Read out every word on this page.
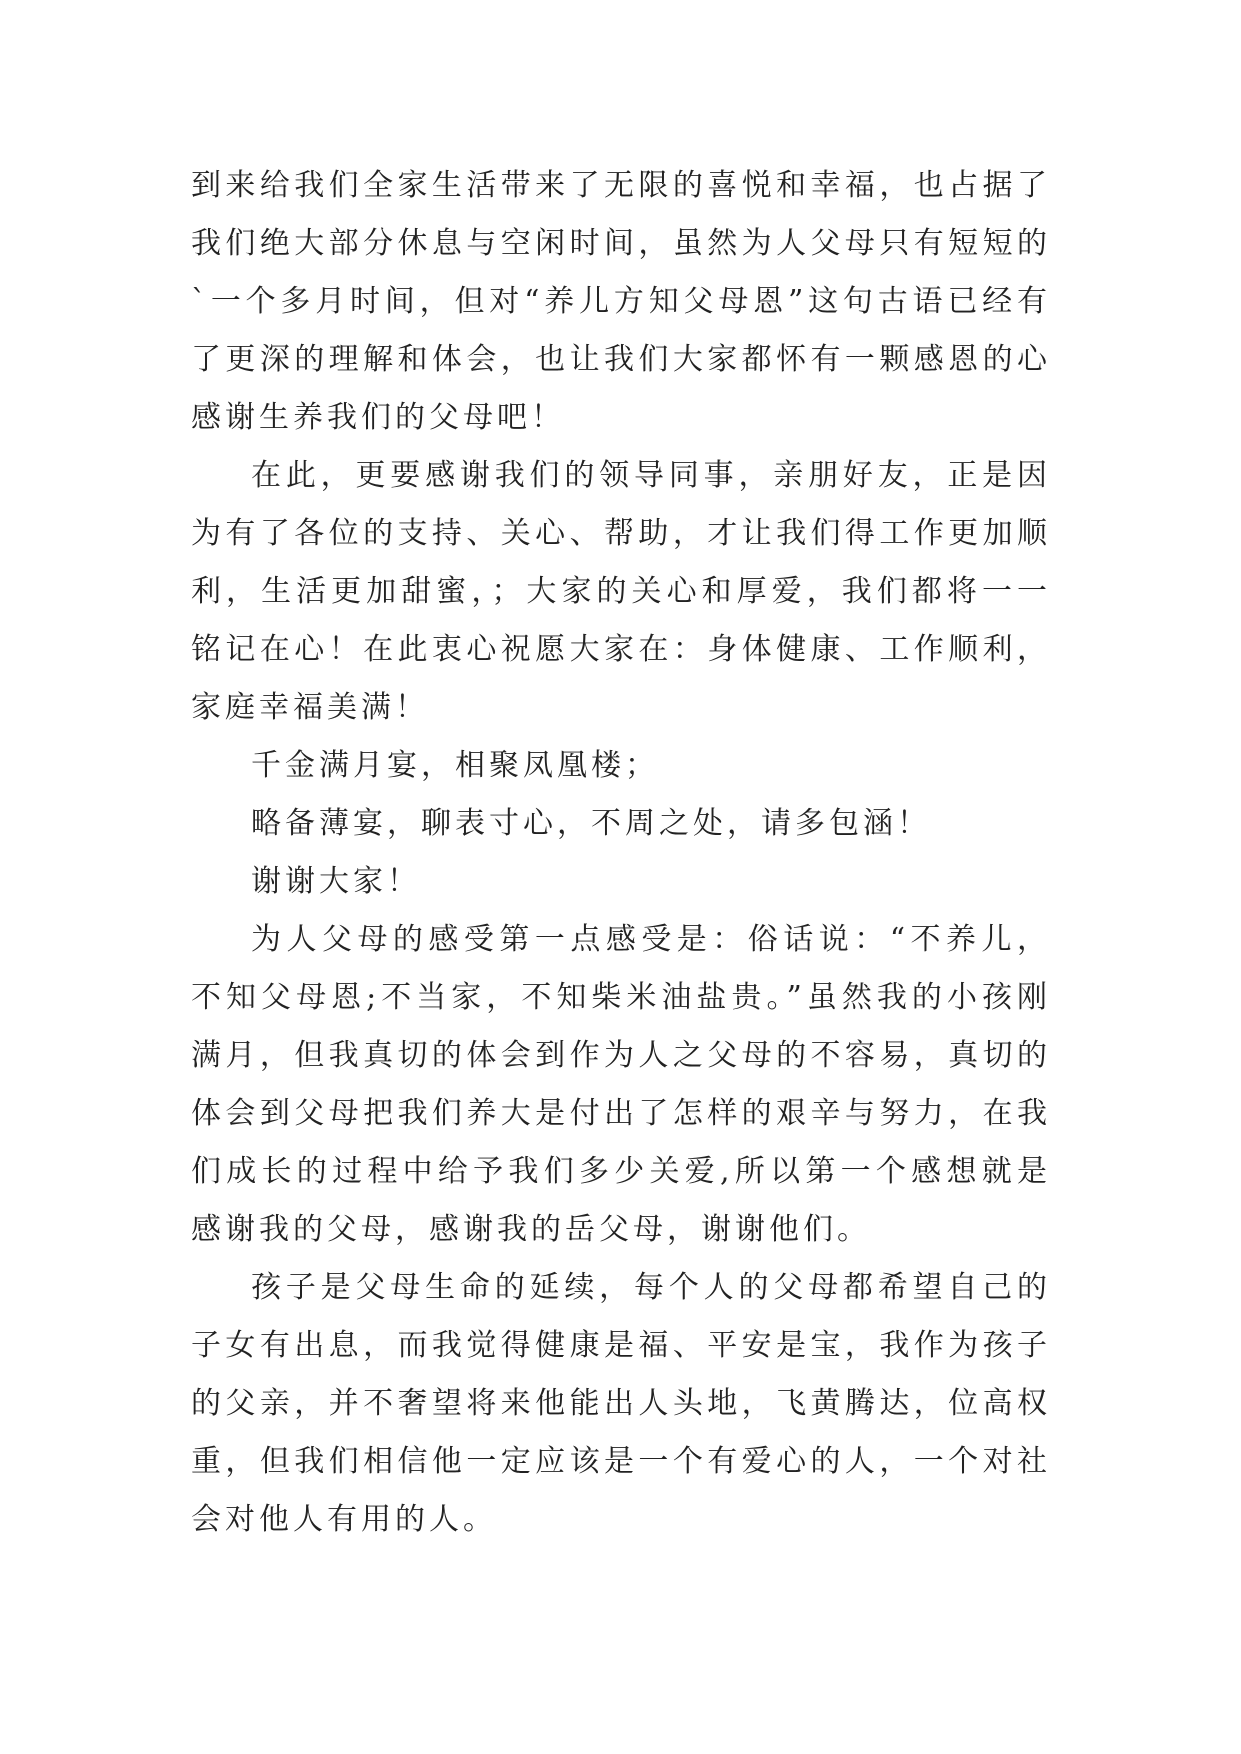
到来给我们全家生活带来了无限的喜悦和幸福，也占据了我们绝大部分休息与空闲时间，虽然为人父母只有短短的`一个多月时间，但对“养儿方知父母恩”这句古语已经有了更深的理解和体会，也让我们大家都怀有一颗感恩的心感谢生养我们的父母吧！

在此，更要感谢我们的领导同事，亲朋好友，正是因为有了各位的支持、关心、帮助，才让我们得工作更加顺利，生活更加甜蜜，；大家的关心和厚爱，我们都将一一铭记在心！在此衷心祝愿大家在：身体健康、工作顺利，家庭幸福美满！

千金满月宴，相聚凤凰楼；

略备薄宴，聊表寸心，不周之处，请多包涵！

谢谢大家！

为人父母的感受第一点感受是：俗话说：“不养儿，不知父母恩;不当家，不知柴米油盐贵。”虽然我的小孩刚满月，但我真切的体会到作为人之父母的不容易，真切的体会到父母把我们养大是付出了怎样的艰辛与努力，在我们成长的过程中给予我们多少关爱,所以第一个感想就是感谢我的父母，感谢我的岳父母，谢谢他们。

孩子是父母生命的延续，每个人的父母都希望自己的子女有出息，而我觉得健康是福、平安是宝，我作为孩子的父亲，并不奢望将来他能出人头地，飞黄腾达，位高权重，但我们相信他一定应该是一个有爱心的人，一个对社会对他人有用的人。
